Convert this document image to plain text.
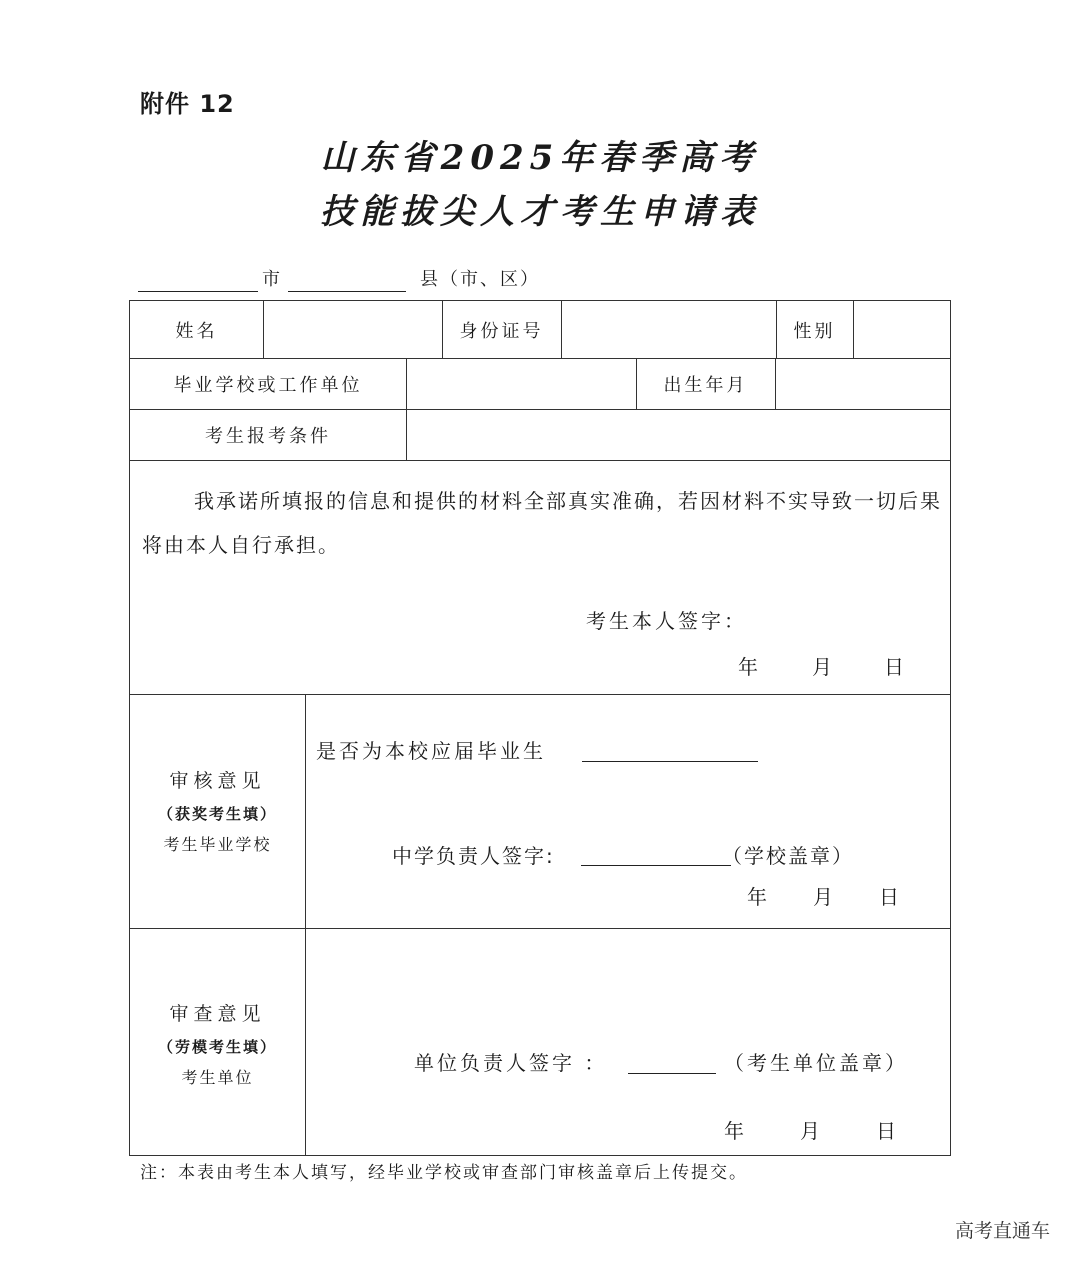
附件 12
山东省2025年春季高考
技能拔尖人才考生申请表
市	县（市、区）
姓名	身份证号	性别
毕业学校或工作单位	出生年月
考生报考条件
我承诺所填报的信息和提供的材料全部真实准确，若因材料不实导致一切后果将由本人自行承担。
考生本人签字：
年	月	日
审核意见
（获奖考生填）
考生毕业学校
是否为本校应届毕业生
中学负责人签字:	（学校盖章）
年 月 日
审查意见
（劳模考生填）
考生单位
单位负责人签字 ：	（考生单位盖章）
年	月	日
注：本表由考生本人填写，经毕业学校或审查部门审核盖章后上传提交。
高考直通车
